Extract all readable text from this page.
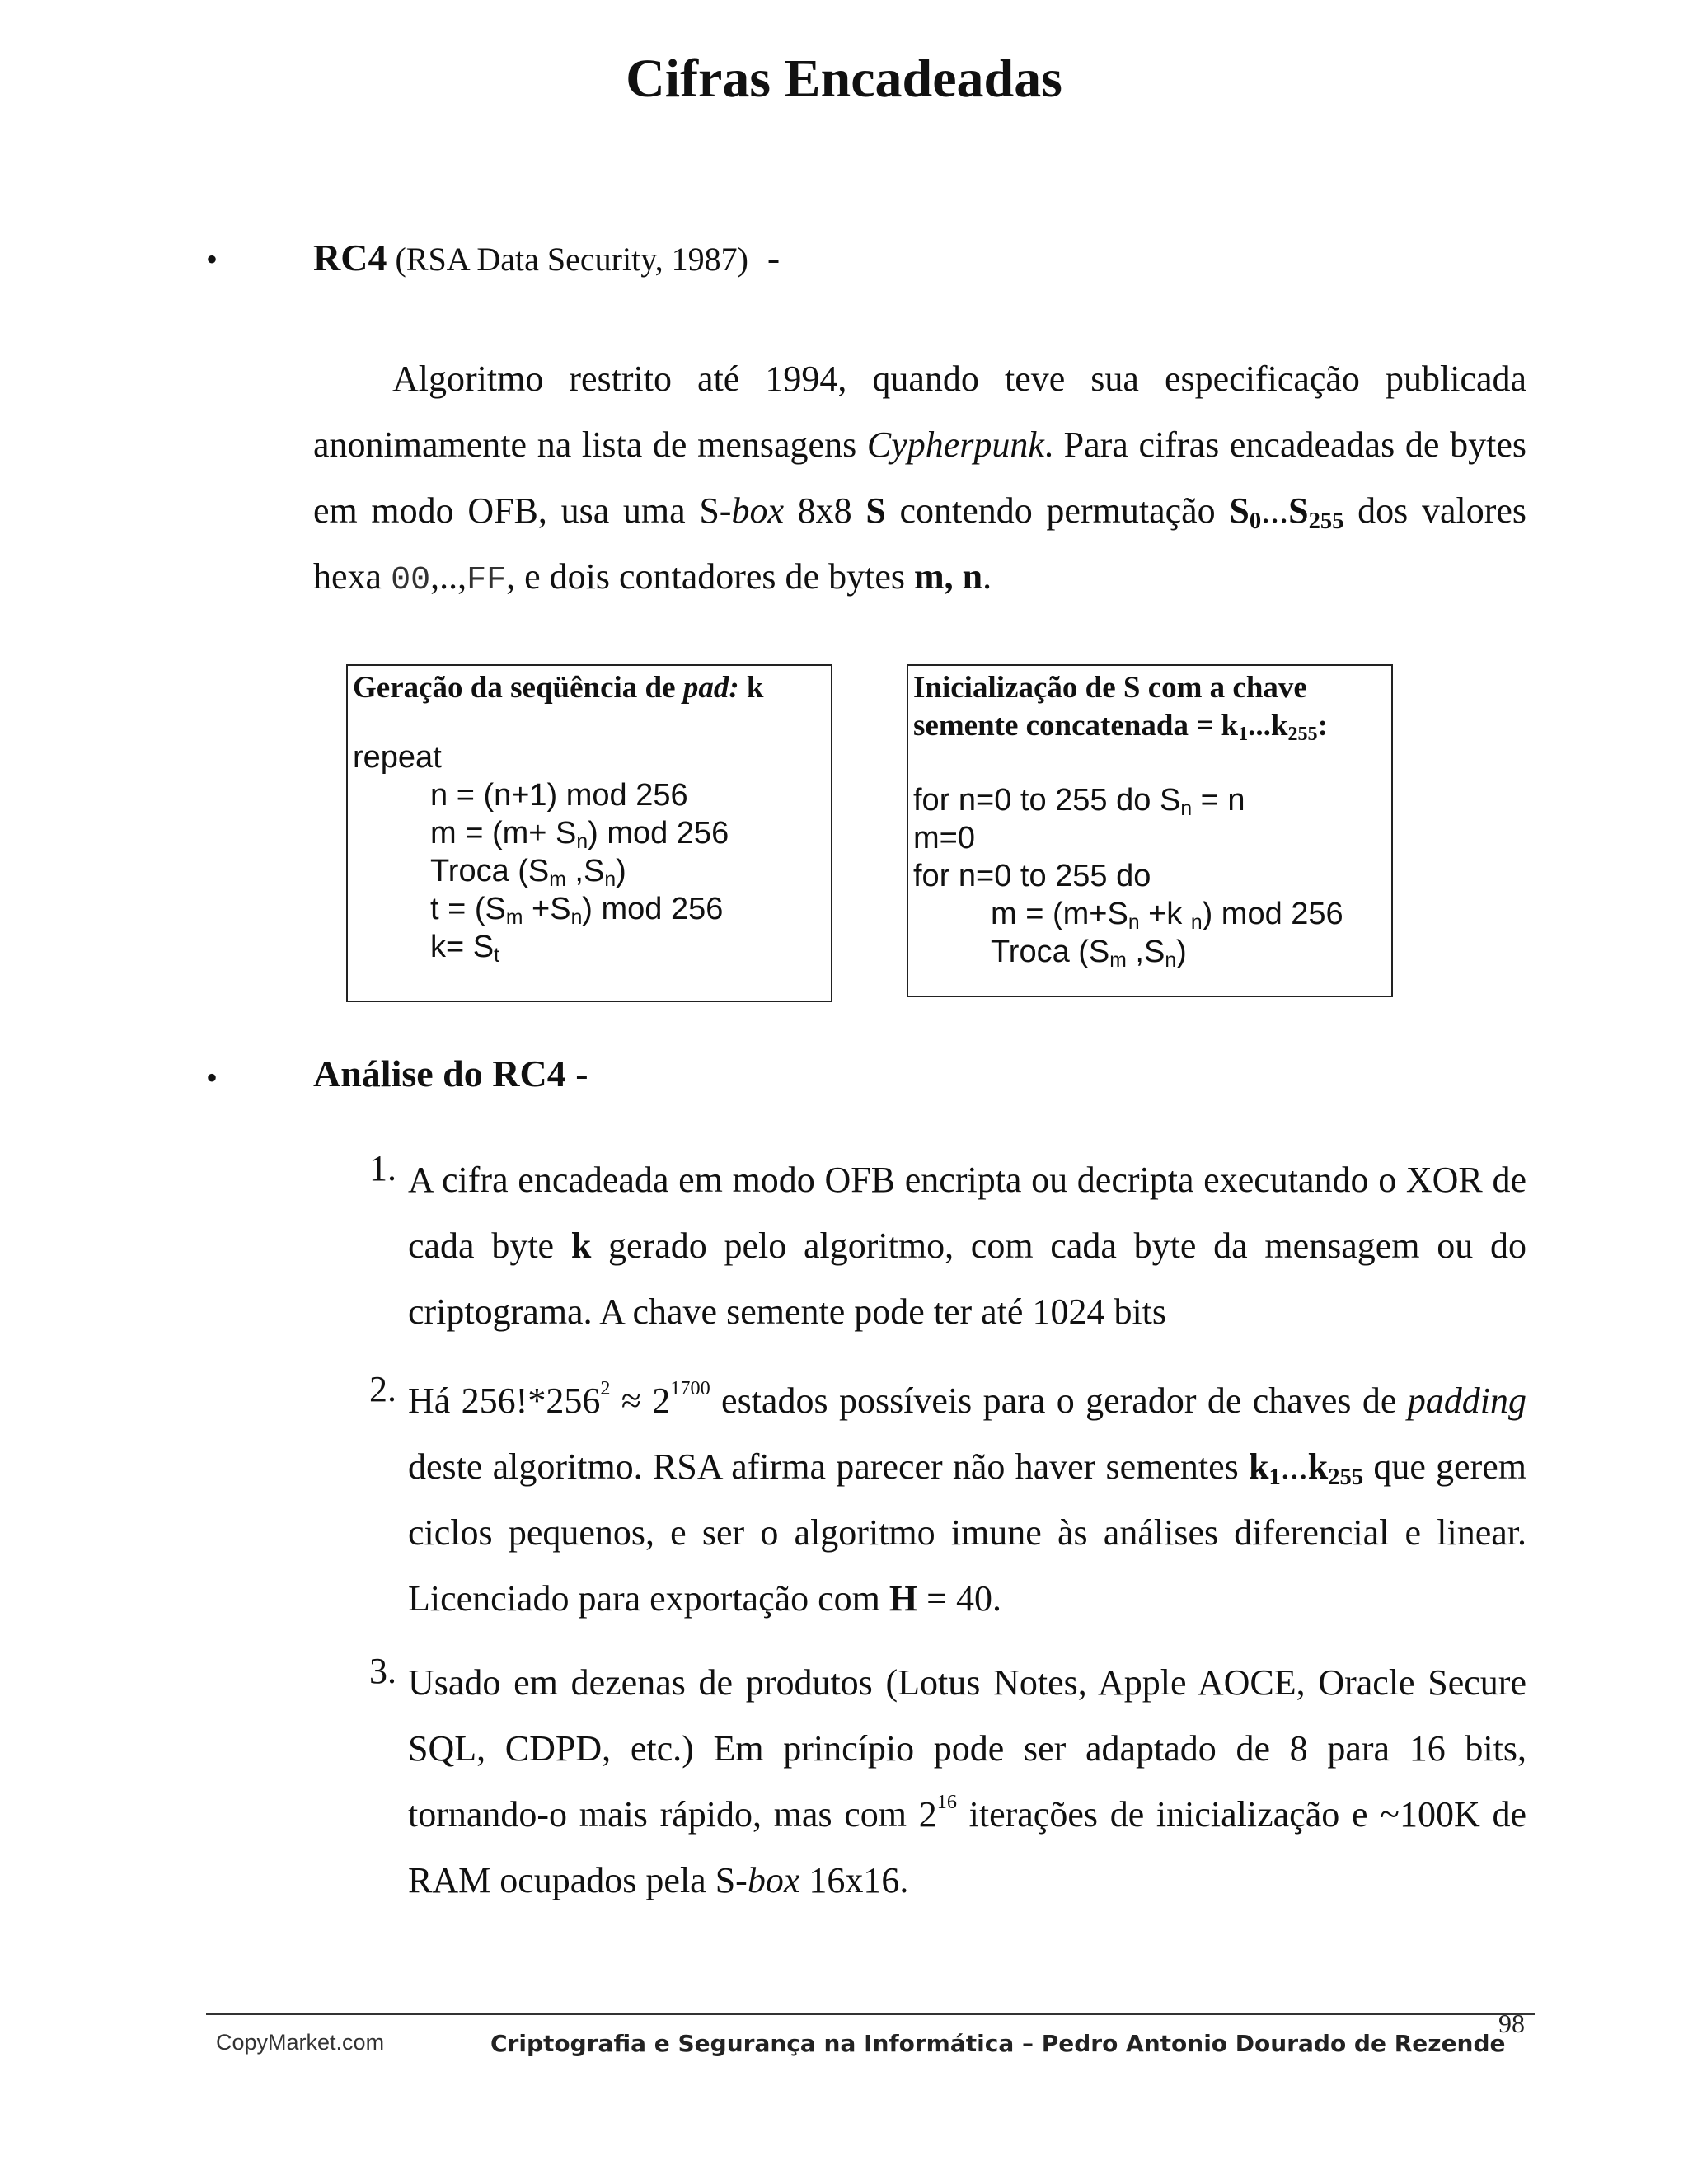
Cifras Encadeadas
•	RC4 (RSA Data Security, 1987) -
Algoritmo restrito até 1994, quando teve sua especificação publicada anonimamente na lista de mensagens Cypherpunk. Para cifras encadeadas de bytes em modo OFB, usa uma S-box 8x8 S contendo permutação $S_0...S_{255}$ dos valores hexa 00,..,FF, e dois contadores de bytes m, n.
Geração da seqüência de pad: k
repeat
n = (n+1) mod 256
$m = (m+ S_n)$ mod 256
Troca ($S_m$ $,S_n$)
$t = (S_m +S_n)$ mod 256
$k= S_t$
Inicialização de S com a chave
semente concatenada = $k_1...k_{255}$:
for n=0 to 255 do $S_n = n$
m=0
for n=0 to 255 do
$m = (m+S_n +k$ $_n$) mod 256
Troca ($S_m$ $,S_n$)
•	Análise do RC4 -
1. A cifra encadeada em modo OFB encripta ou decripta executando o XOR de cada byte k gerado pelo algoritmo, com cada byte da mensagem ou do criptograma. A chave semente pode ter até 1024 bits
2. Há $256!*256^2 \approx 2^{1700}$ estados possíveis para o gerador de chaves de padding deste algoritmo. RSA afirma parecer não haver sementes $k_1...k_{255}$ que gerem ciclos pequenos, e ser o algoritmo imune às análises diferencial e linear. Licenciado para exportação com H = 40.
3. Usado em dezenas de produtos (Lotus Notes, Apple AOCE, Oracle Secure SQL, CDPD, etc.) Em princípio pode ser adaptado de 8 para 16 bits, tornando-o mais rápido, mas com $2^{16}$ iterações de inicialização e ~100K de RAM ocupados pela S-box 16x16.
98
CopyMarket.com	Criptografia e Segurança na Informática – Pedro Antonio Dourado de Rezende
